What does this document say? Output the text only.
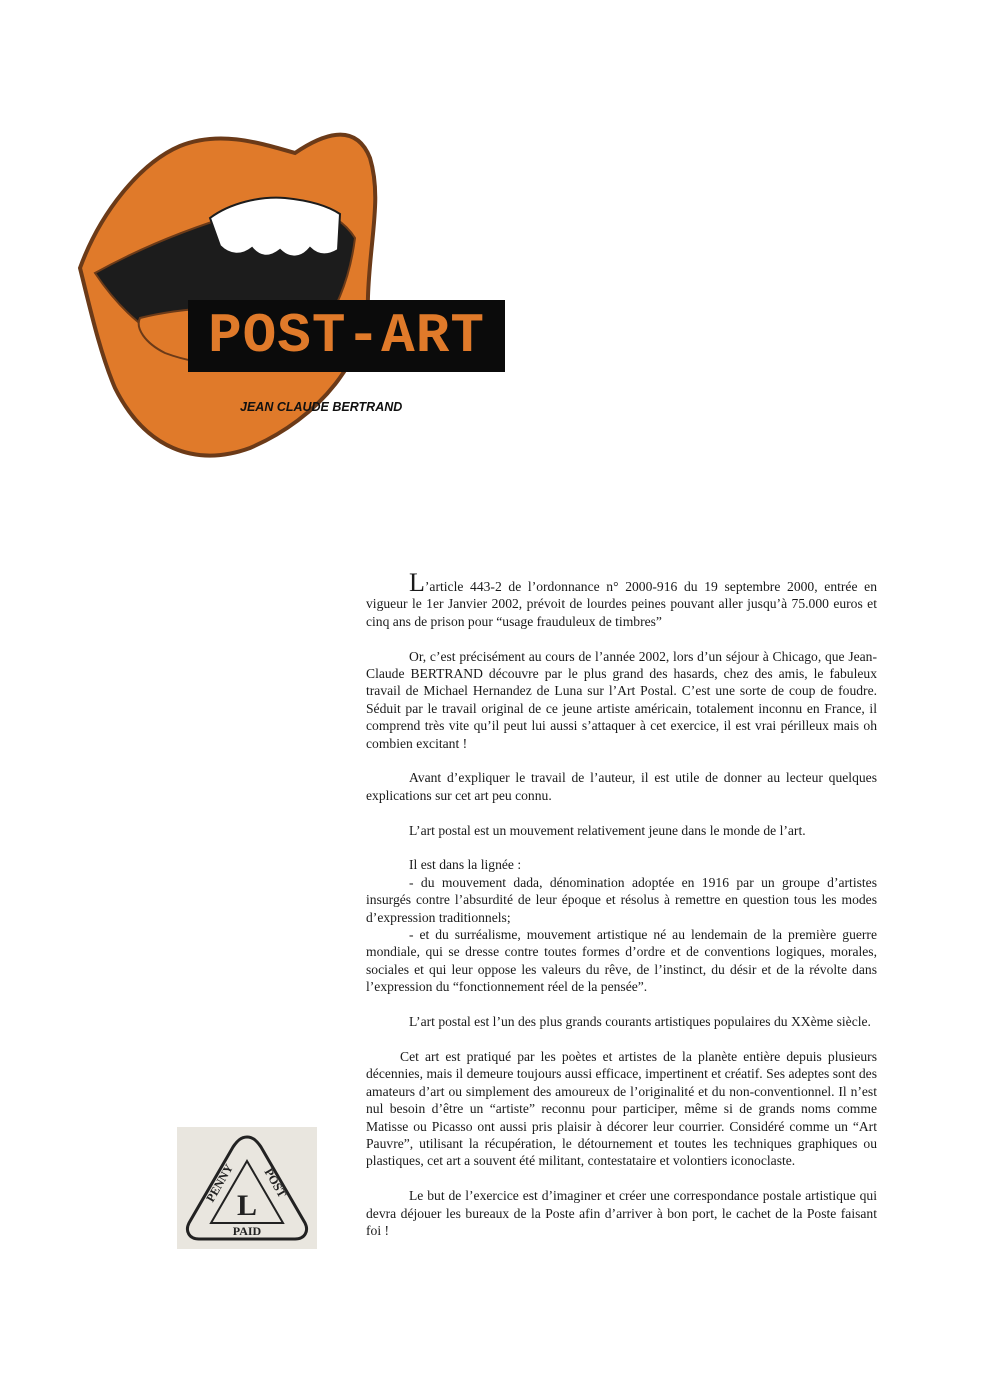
POST-ART
JEAN CLAUDE BERTRAND

L’article 443-2 de l’ordonnance n° 2000-916 du 19 septembre 2000, entrée en vigueur le 1er Janvier 2002, prévoit de lourdes peines pouvant aller jusqu’à 75.000 euros et cinq ans de prison pour “usage frauduleux de timbres”

Or, c’est précisément au cours de l’année 2002, lors d’un séjour à Chicago, que Jean-Claude BERTRAND découvre par le plus grand des hasards, chez des amis, le fabuleux travail de Michael Hernandez de Luna sur l’Art Postal. C’est une sorte de coup de foudre. Séduit par le travail original de ce jeune artiste américain, totalement inconnu en France, il comprend très vite qu’il peut lui aussi s’attaquer à cet exercice, il est vrai périlleux mais oh combien excitant !

Avant d’expliquer le travail de l’auteur, il est utile de donner au lecteur quelques explications sur cet art peu connu.

L’art postal est un mouvement relativement jeune dans le monde de l’art.

Il est dans la lignée :

- du mouvement dada, dénomination adoptée en 1916 par un groupe d’artistes insurgés contre l’absurdité de leur époque et résolus à remettre en question tous les modes d’expression traditionnels;

- et du surréalisme, mouvement artistique né au lendemain de la première guerre mondiale, qui se dresse contre toutes formes d’ordre et de conventions logiques, morales, sociales et qui leur oppose les valeurs du rêve, de l’instinct, du désir et de la révolte dans l’expression du “fonctionnement réel de la pensée”.

L’art postal est l’un des plus grands courants artistiques populaires du XXème siècle.

Cet art est pratiqué par les poètes et artistes de la planète entière depuis plusieurs décennies, mais il demeure toujours aussi efficace, impertinent et créatif. Ses adeptes sont des amateurs d’art ou simplement des amoureux de l’originalité et du non-conventionnel. Il n’est nul besoin d’être un “artiste” reconnu pour participer, même si de grands noms comme Matisse ou Picasso ont aussi pris plaisir à décorer leur courrier. Considéré comme un “Art Pauvre”, utilisant la récupération, le détournement et toutes les techniques graphiques ou plastiques, cet art a souvent été militant, contestataire et volontiers iconoclaste.

Le but de l’exercice est d’imaginer et créer une correspondance postale artistique qui devra déjouer les bureaux de la Poste afin d’arriver à bon port, le cachet de la Poste faisant foi !

PENNY POST
PAID
L
